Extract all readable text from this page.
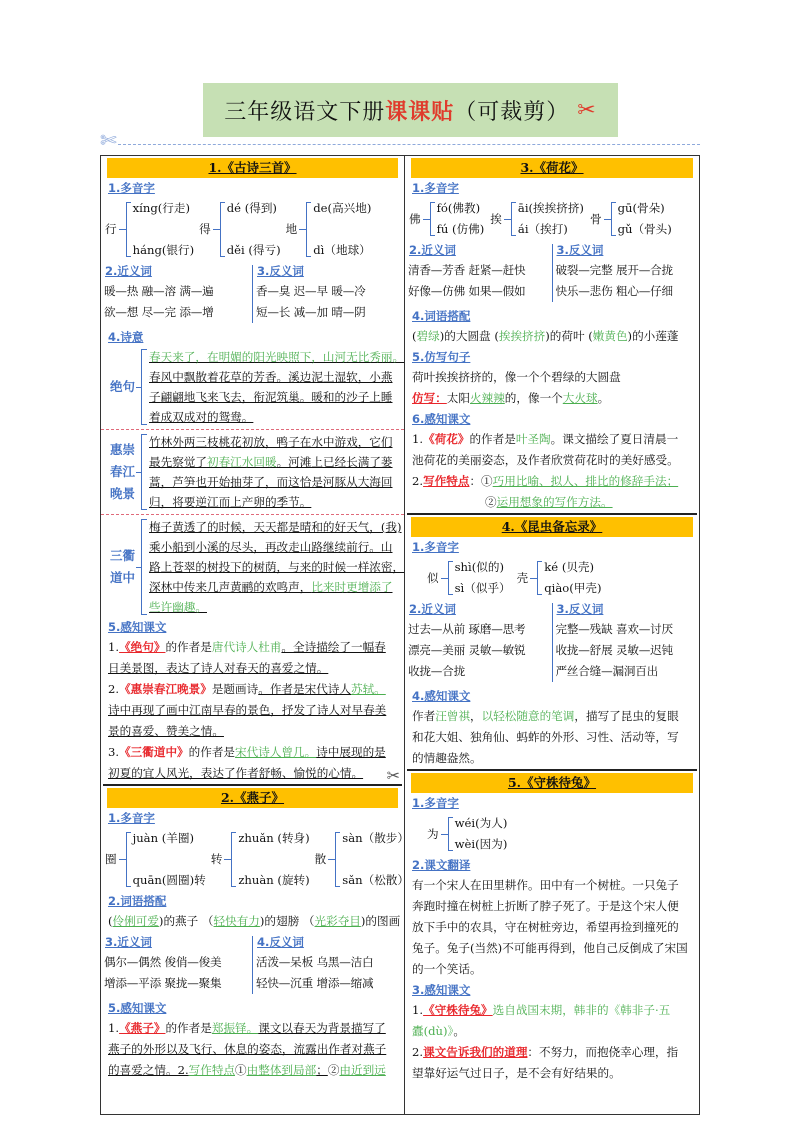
三年级语文下册 课课贴 （可裁剪） ✂
✄
1.《古诗三首》
1.多音字
行
xíng(行走)
háng(银行)
得
dé (得到)
děi (得亏)
地
de(高兴地)
dì（地球）
2.近义词
暖—热 融—溶 满—遍
欲—想 尽—完 添—增
3.反义词
香—臭 迟—早 暖—冷
短—长 减—加 晴—阴
4.诗意
绝句
春天来了，在明媚的阳光映照下，山河无比秀丽。
春风中飘散着花草的芳香。溪边泥土湿软，小燕
子翩翩地飞来飞去，衔泥筑巢。暖和的沙子上睡
着成双成对的鸳鸯。
惠崇春江晚景
竹林外两三枝桃花初放，鸭子在水中游戏，它们
最先察觉了初春江水回暖。河滩上已经长满了蒌
蒿，芦笋也开始抽芽了，而这恰是河豚从大海回
归，将要逆江而上产卵的季节。
三衢道中
梅子黄透了的时候，天天都是晴和的好天气，(我)
乘小船到小溪的尽头，再改走山路继续前行。山
路上苍翠的树投下的树荫，与来的时候一样浓密，
深林中传来几声黄鹂的欢鸣声，比来时更增添了
些许幽趣。
5.感知课文
1.《绝句》的作者是唐代诗人杜甫。全诗描绘了一幅春
日美景图，表达了诗人对春天的喜爱之情。
2.《惠崇春江晚景》是题画诗。作者是宋代诗人苏轼。
诗中再现了画中江南早春的景色，抒发了诗人对早春美
景的喜爱、赞美之情。
3.《三衢道中》的作者是宋代诗人曾几。诗中展现的是
初夏的宜人风光，表达了作者舒畅、愉悦的心情。	✂
2.《燕子》
1.多音字
圈
juàn (羊圈)
quān(圆圈)转
转
zhuǎn (转身)
zhuàn (旋转)
散
sàn（散步）
sǎn（松散）
2.词语搭配
(伶俐可爱)的燕子 （轻快有力)的翅膀 （光彩夺目)的图画
3.近义词
偶尔—偶然 俊俏—俊美
增添—平添 聚拢—聚集
4.反义词
活泼—呆板 乌黑—洁白
轻快—沉重 增添—缩减
5.感知课文
1.《燕子》的作者是郑振铎。课文以春天为背景描写了
燕子的外形以及飞行、休息的姿态，流露出作者对燕子
的喜爱之情。2.写作特点①由整体到局部；②由近到远
3.《荷花》
1.多音字
佛
fó(佛教)
fú (仿佛)
挨
āi(挨挨挤挤)
ái（挨打)
骨
gū(骨朵)
gǔ（骨头)
2.近义词
清香—芳香 赶紧—赶快
好像—仿佛 如果—假如
3.反义词
破裂—完整 展开—合拢
快乐—悲伤 粗心—仔细
4.词语搭配
(碧绿)的大圆盘 (挨挨挤挤)的荷叶 (嫩黄色)的小莲蓬
5.仿写句子
荷叶挨挨挤挤的，像一个个碧绿的大圆盘
仿写：太阳火辣辣的，像一个大火球。
6.感知课文
1.《荷花》的作者是叶圣陶。课文描绘了夏日清晨一
池荷花的美丽姿态，及作者欣赏荷花时的美好感受。
2.写作特点：①巧用比喻、拟人、排比的修辞手法；
②运用想象的写作方法。
4.《昆虫备忘录》
1.多音字
似
shì(似的)
sì（似乎）
壳
ké (贝壳)
qiào(甲壳)
2.近义词
过去—从前 琢磨—思考
漂亮—美丽 灵敏—敏锐
收拢—合拢
3.反义词
完整—残缺 喜欢—讨厌
收拢—舒展 灵敏—迟钝
严丝合缝—漏洞百出
4.感知课文
作者汪曾祺，以轻松随意的笔调，描写了昆虫的复眼
和花大姐、独角仙、蚂蚱的外形、习性、活动等，写
的情趣盎然。
5.《守株待兔》
1.多音字
为
wéi(为人)
wèi(因为)
2.课文翻译
有一个宋人在田里耕作。田中有一个树桩。一只兔子
奔跑时撞在树桩上折断了脖子死了。于是这个宋人便
放下手中的农具，守在树桩旁边，希望再捡到撞死的
兔子。兔子(当然)不可能再得到，他自己反倒成了宋国
的一个笑话。
3.感知课文
1.《守株待兔》选自战国末期，韩非的《韩非子·五
蠹(dù)》。
2.课文告诉我们的道理：不努力，而抱侥幸心理，指
望靠好运气过日子，是不会有好结果的。
